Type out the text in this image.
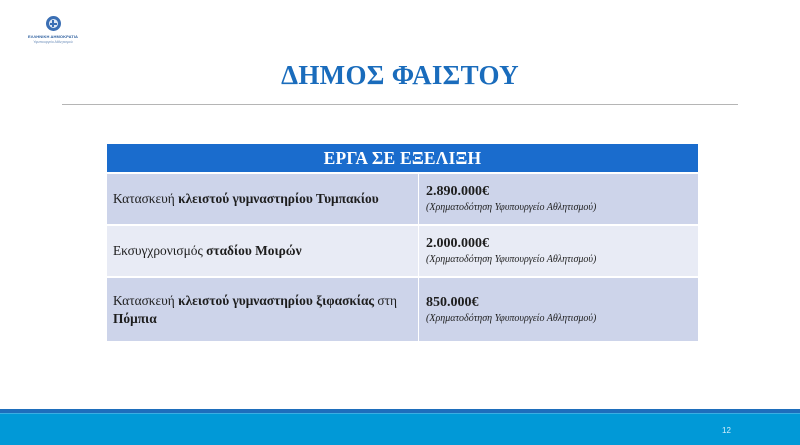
ΕΛΛΗΝΙΚΗ ΔΗΜΟΚΡΑΤΙΑ
Υφυπουργείο Αθλητισμού
ΔΗΜΟΣ ΦΑΙΣΤΟΥ
ΕΡΓΑ ΣΕ ΕΞΕΛΙΞΗ	
Κατασκευή κλειστού γυμναστηρίου Τυμπακίου	2.890.000€
(Χρηματοδότηση Υφυπουργείο Αθλητισμού)

Εκσυγχρονισμός σταδίου Μοιρών	2.000.000€
(Χρηματοδότηση Υφυπουργείο Αθλητισμού)

Κατασκευή κλειστού γυμναστηρίου ξιφασκίας στη Πόμπια	850.000€
(Χρηματοδότηση Υφυπουργείο Αθλητισμού)
12
